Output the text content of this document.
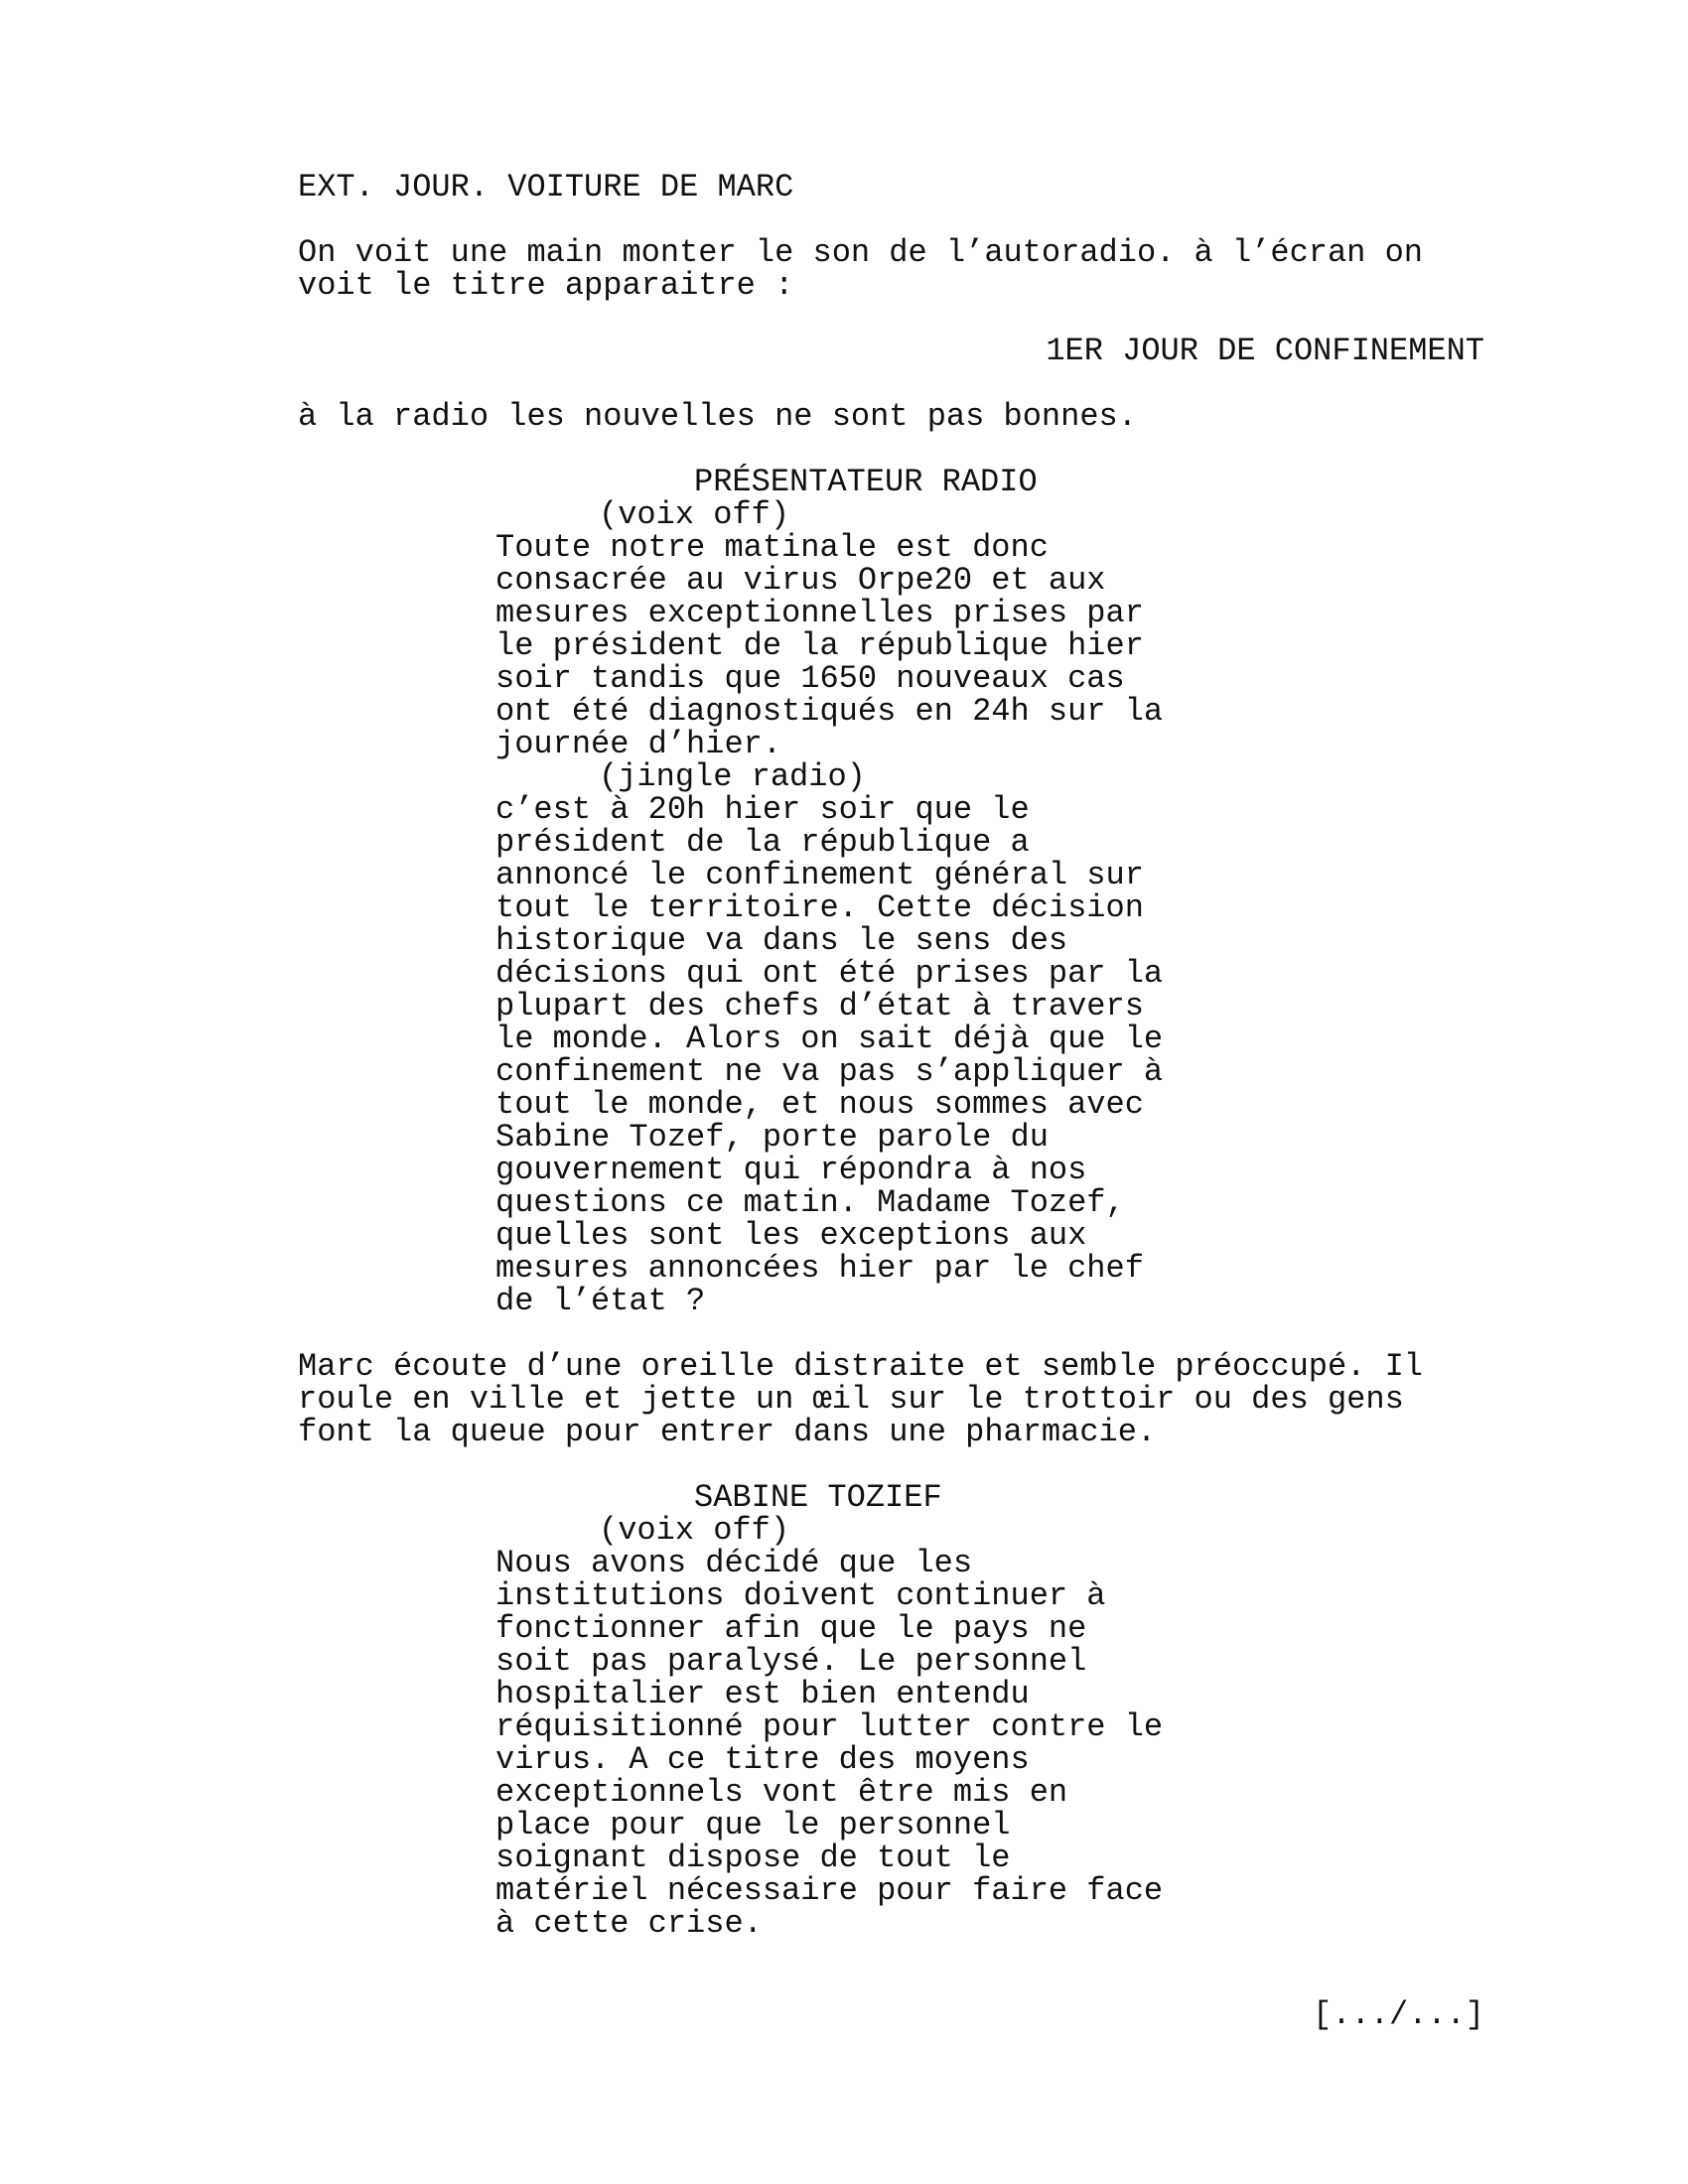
EXT. JOUR. VOITURE DE MARC

On voit une main monter le son de l’autoradio. à l’écran on
voit le titre apparaitre :

1ER JOUR DE CONFINEMENT

à la radio les nouvelles ne sont pas bonnes.

PRÉSENTATEUR RADIO

(voix off)

Toute notre matinale est donc
consacrée au virus Orpe20 et aux
mesures exceptionnelles prises par
le président de la république hier
soir tandis que 1650 nouveaux cas
ont été diagnostiqués en 24h sur la
journée d’hier.

(jingle radio)

c’est à 20h hier soir que le
président de la république a
annoncé le confinement général sur
tout le territoire. Cette décision
historique va dans le sens des
décisions qui ont été prises par la
plupart des chefs d’état à travers
le monde. Alors on sait déjà que le
confinement ne va pas s’appliquer à
tout le monde, et nous sommes avec
Sabine Tozef, porte parole du
gouvernement qui répondra à nos
questions ce matin. Madame Tozef,
quelles sont les exceptions aux
mesures annoncées hier par le chef
de l’état ?

Marc écoute d’une oreille distraite et semble préoccupé. Il
roule en ville et jette un œil sur le trottoir ou des gens
font la queue pour entrer dans une pharmacie.

SABINE TOZIEF

(voix off)

Nous avons décidé que les
institutions doivent continuer à
fonctionner afin que le pays ne
soit pas paralysé. Le personnel
hospitalier est bien entendu
réquisitionné pour lutter contre le
virus. A ce titre des moyens
exceptionnels vont être mis en
place pour que le personnel
soignant dispose de tout le
matériel nécessaire pour faire face
à cette crise.

[.../...]
